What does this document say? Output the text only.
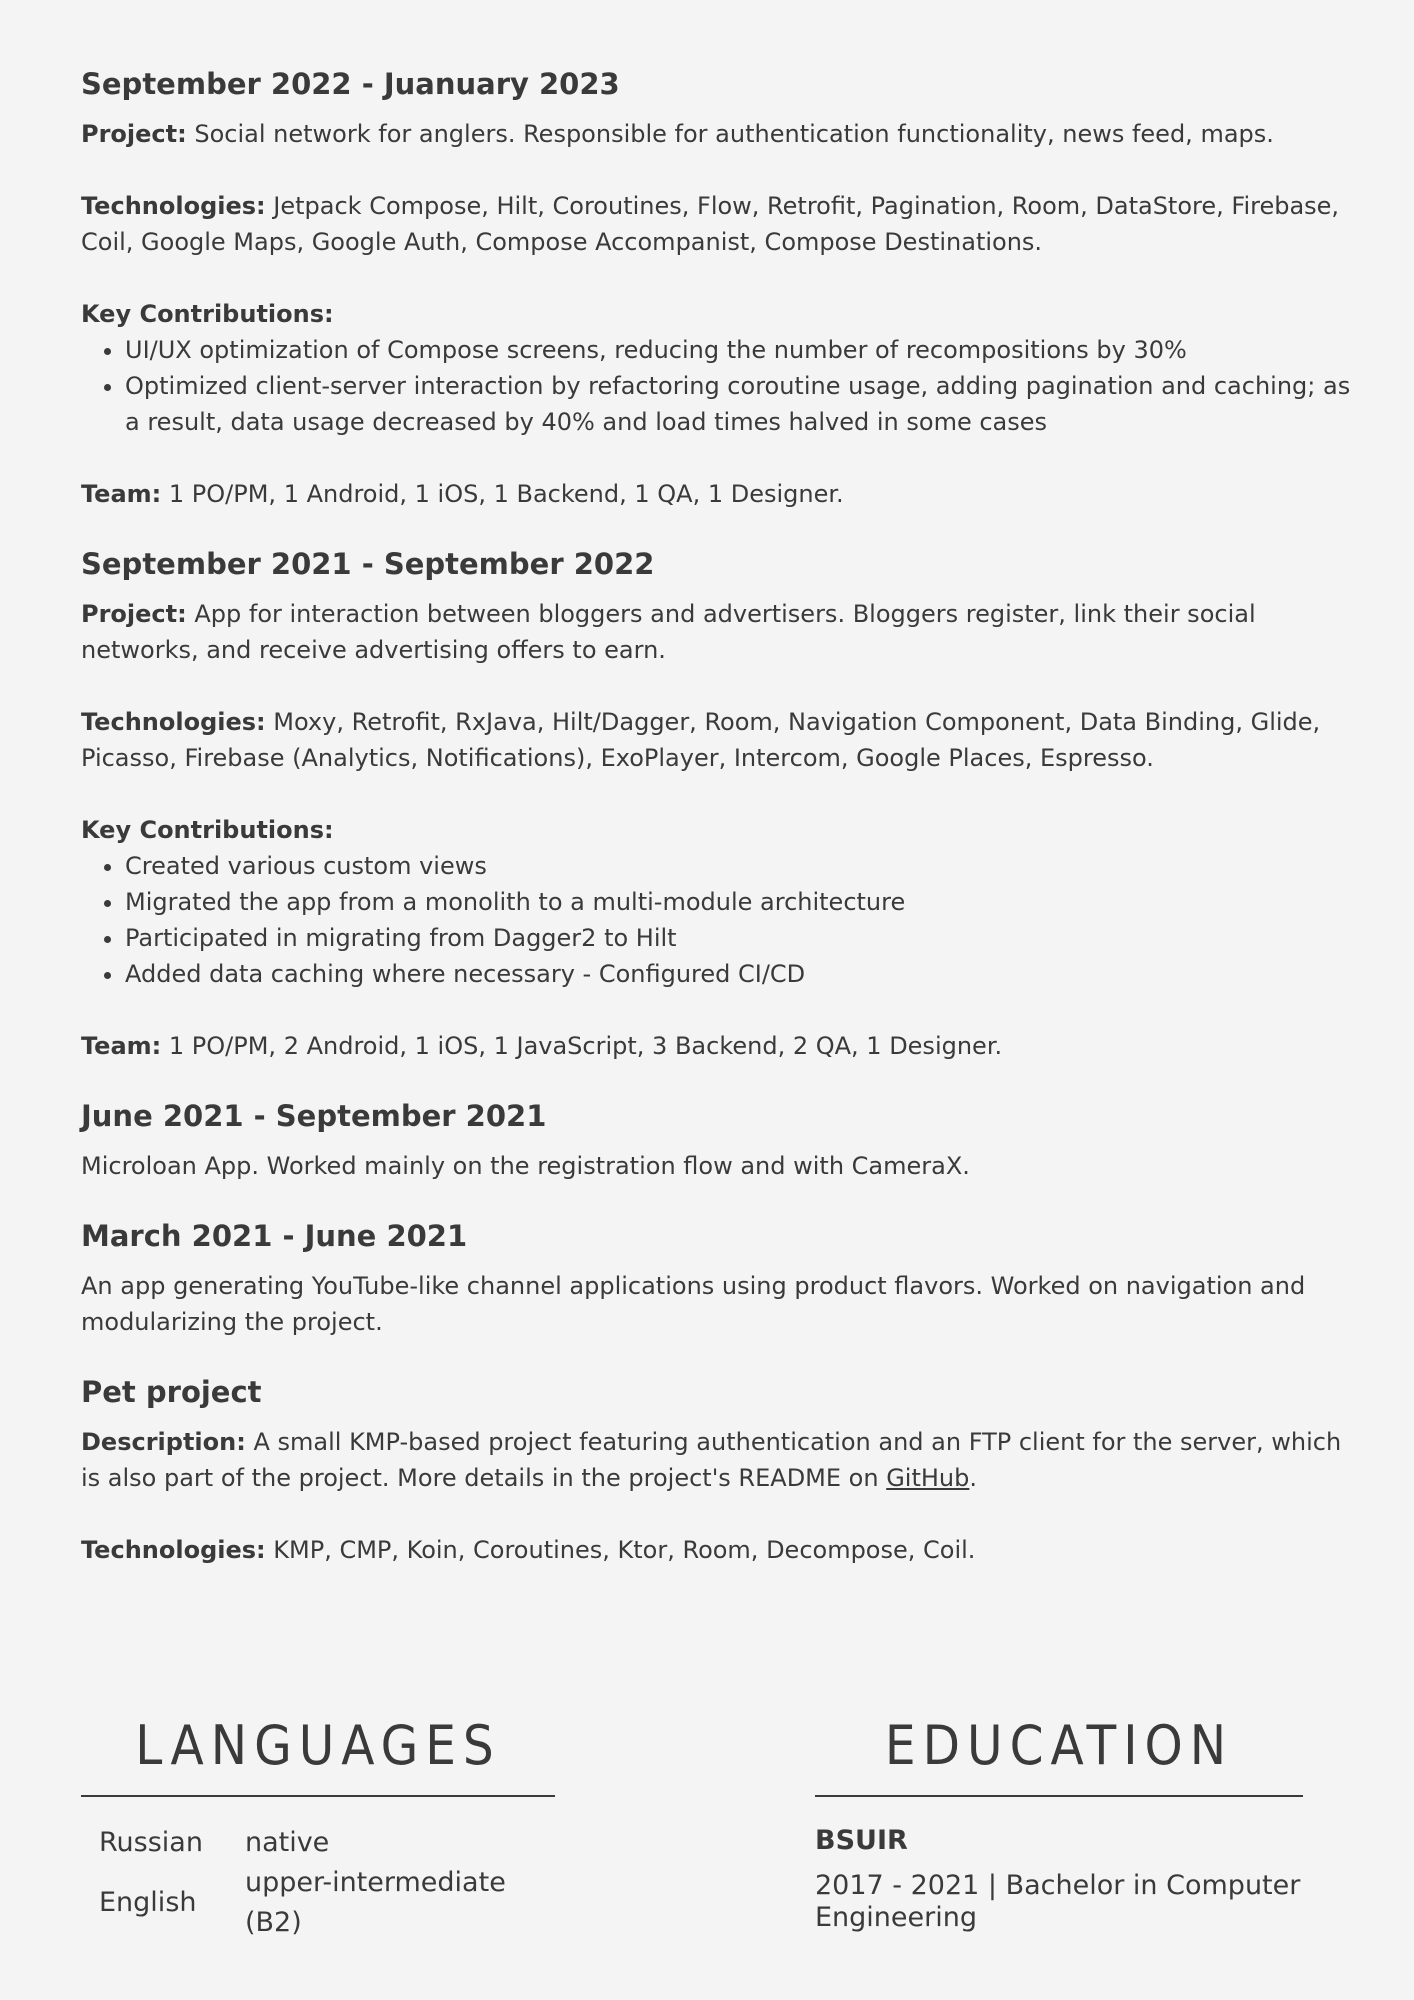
September 2022 - Juanuary 2023

Project: Social network for anglers. Responsible for authentication functionality, news feed, maps.

Technologies: Jetpack Compose, Hilt, Coroutines, Flow, Retrofit, Pagination, Room, DataStore, Firebase, Coil, Google Maps, Google Auth, Compose Accompanist, Compose Destinations.

Key Contributions:

• UI/UX optimization of Compose screens, reducing the number of recompositions by 30%
• Optimized client-server interaction by refactoring coroutine usage, adding pagination and caching; as a result, data usage decreased by 40% and load times halved in some cases

Team: 1 PO/PM, 1 Android, 1 iOS, 1 Backend, 1 QA, 1 Designer.

September 2021 - September 2022

Project: App for interaction between bloggers and advertisers. Bloggers register, link their social networks, and receive advertising offers to earn.

Technologies: Moxy, Retrofit, RxJava, Hilt/Dagger, Room, Navigation Component, Data Binding, Glide, Picasso, Firebase (Analytics, Notifications), ExoPlayer, Intercom, Google Places, Espresso.

Key Contributions:

• Created various custom views
• Migrated the app from a monolith to a multi-module architecture
• Participated in migrating from Dagger2 to Hilt
• Added data caching where necessary - Configured CI/CD

Team: 1 PO/PM, 2 Android, 1 iOS, 1 JavaScript, 3 Backend, 2 QA, 1 Designer.

June 2021 - September 2021

Microloan App. Worked mainly on the registration flow and with CameraX.

March 2021 - June 2021

An app generating YouTube-like channel applications using product flavors. Worked on navigation and modularizing the project.

Pet project

Description: A small KMP-based project featuring authentication and an FTP client for the server, which is also part of the project. More details in the project's README on GitHub.

Technologies: KMP, CMP, Koin, Coroutines, Ktor, Room, Decompose, Coil.

LANGUAGES
Russian	native
English	upper-intermediate (B2)
EDUCATION
BSUIR
2017 - 2021 | Bachelor in Computer Engineering
